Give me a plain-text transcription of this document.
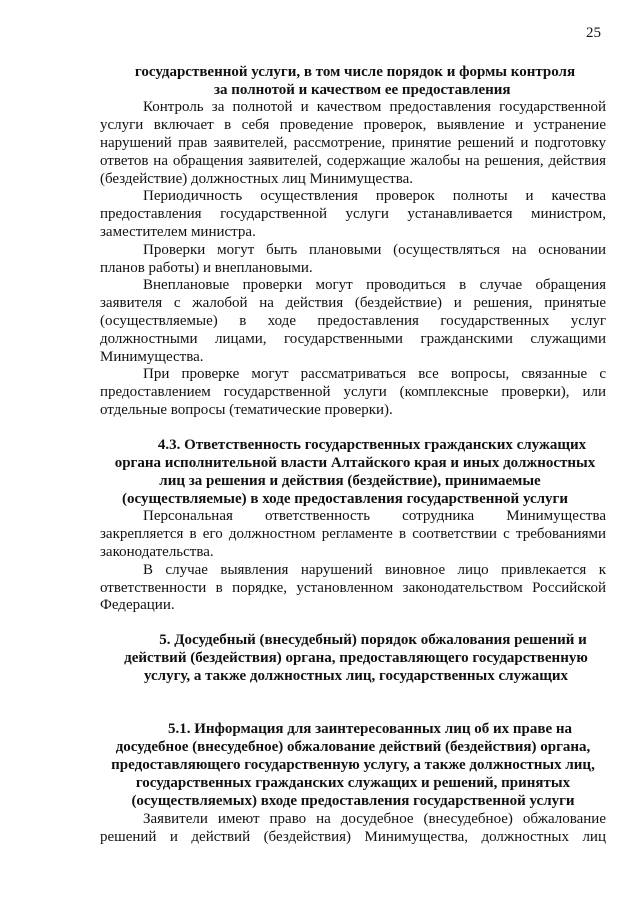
25
государственной услуги, в том числе порядок и формы контроля
за полнотой и качеством ее предоставления
Контроль за полнотой и качеством предоставления государственной
услуги включает в себя проведение проверок, выявление и устранение
нарушений прав заявителей, рассмотрение, принятие решений и подготовку
ответов на обращения заявителей, содержащие жалобы на решения, действия
(бездействие) должностных лиц Минимущества.
Периодичность осуществления проверок полноты и качества
предоставления государственной услуги устанавливается министром,
заместителем министра.
Проверки могут быть плановыми (осуществляться на основании
планов работы) и внеплановыми.
Внеплановые проверки могут проводиться в случае обращения
заявителя с жалобой на действия (бездействие) и решения, принятые
(осуществляемые) в ходе предоставления государственных услуг
должностными лицами, государственными гражданскими служащими
Минимущества.
При проверке могут рассматриваться все вопросы, связанные с
предоставлением государственной услуги (комплексные проверки), или
отдельные вопросы (тематические проверки).
4.3. Ответственность государственных гражданских служащих
органа исполнительной власти Алтайского края и иных должностных
лиц за решения и действия (бездействие), принимаемые
(осуществляемые) в ходе предоставления государственной услуги
Персональная ответственность сотрудника Минимущества
закрепляется в его должностном регламенте в соответствии с требованиями
законодательства.
В случае выявления нарушений виновное лицо привлекается к
ответственности в порядке, установленном законодательством Российской
Федерации.
5. Досудебный (внесудебный) порядок обжалования решений и
действий (бездействия) органа, предоставляющего государственную
услугу, а также должностных лиц, государственных служащих
5.1. Информация для заинтересованных лиц об их праве на
досудебное (внесудебное) обжалование действий (бездействия) органа,
предоставляющего государственную услугу, а также должностных лиц,
государственных гражданских служащих и решений, принятых
(осуществляемых) входе предоставления государственной услуги
Заявители имеют право на досудебное (внесудебное) обжалование
решений и действий (бездействия) Минимущества, должностных лиц
